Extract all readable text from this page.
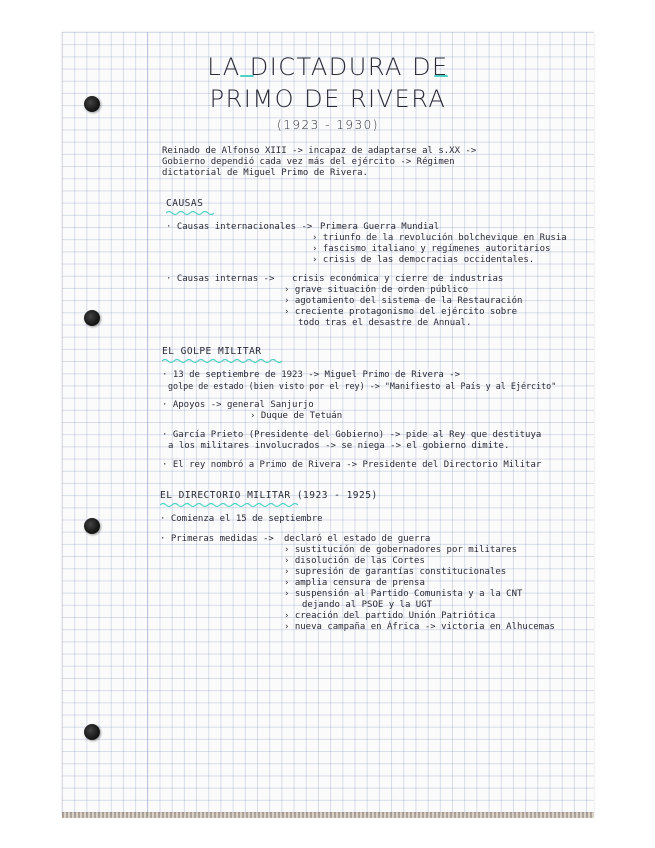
LA DICTADURA DE
PRIMO DE RIVERA
(1923 - 1930)
Reinado de Alfonso XIII -> incapaz de adaptarse al s.XX ->
Gobierno dependió cada vez más del ejército -> Régimen
dictatorial de Miguel Primo de Rivera.
CAUSAS
· Causas internacionales -> Primera Guerra Mundial
› triunfo de la revolución bolchevique en Rusia
› fascismo italiano y regímenes autoritarios
› crisis de las democracias occidentales.
· Causas internas -> crisis económica y cierre de industrias
› grave situación de orden público
› agotamiento del sistema de la Restauración
› creciente protagonismo del ejército sobre
todo tras el desastre de Annual.
EL GOLPE MILITAR
· 13 de septiembre de 1923 -> Miguel Primo de Rivera ->
golpe de estado (bien visto por el rey) -> "Manifiesto al País y al Ejército"
· Apoyos -> general Sanjurjo
› Duque de Tetuán
· García Prieto (Presidente del Gobierno) -> pide al Rey que destituya
a los militares involucrados -> se niega -> el gobierno dimite.
· El rey nombró a Primo de Rivera -> Presidente del Directorio Militar
EL DIRECTORIO MILITAR (1923 - 1925)
· Comienza el 15 de septiembre
· Primeras medidas -> declaró el estado de guerra
› sustitución de gobernadores por militares
› disolución de las Cortes
› supresión de garantías constitucionales
› amplia censura de prensa
› suspensión al Partido Comunista y a la CNT
dejando al PSOE y la UGT
› creación del partido Unión Patriótica
› nueva campaña en África -> victoria en Alhucemas
